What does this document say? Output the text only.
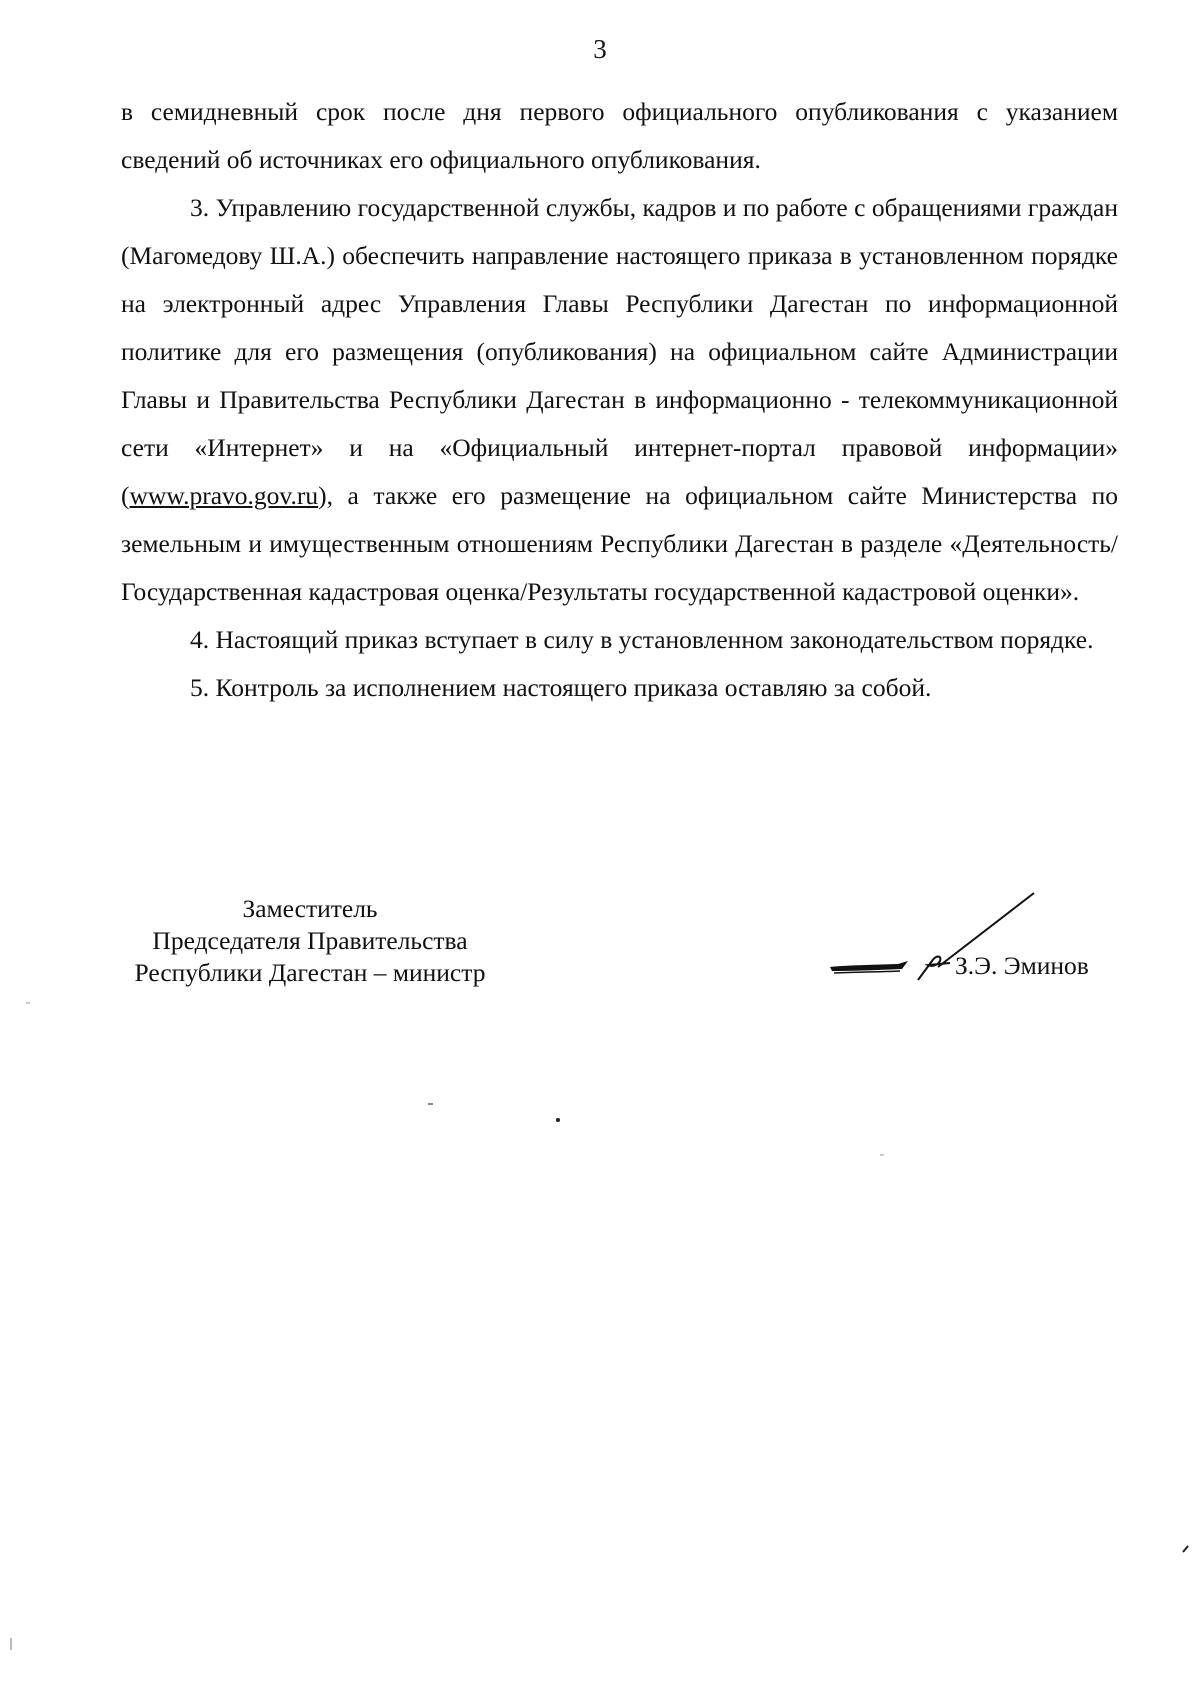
3

в семидневный срок после дня первого официального опубликования с указанием сведений об источниках его официального опубликования.

3. Управлению государственной службы, кадров и по работе с обращениями граждан (Магомедову Ш.А.) обеспечить направление настоящего приказа в установленном порядке на электронный адрес Управления Главы Республики Дагестан по информационной политике для его размещения (опубликования) на официальном сайте Администрации Главы и Правительства Республики Дагестан в информационно - телекоммуникационной сети «Интернет» и на «Официальный интернет-портал правовой информации» (www.pravo.gov.ru), а также его размещение на официальном сайте Министерства по земельным и имущественным отношениям Республики Дагестан в разделе «Деятельность/Государственная кадастровая оценка/Результаты государственной кадастровой оценки».

4. Настоящий приказ вступает в силу в установленном законодательством порядке.

5. Контроль за исполнением настоящего приказа оставляю за собой.

Заместитель
Председателя Правительства
Республики Дагестан – министр	З.Э. Эминов
